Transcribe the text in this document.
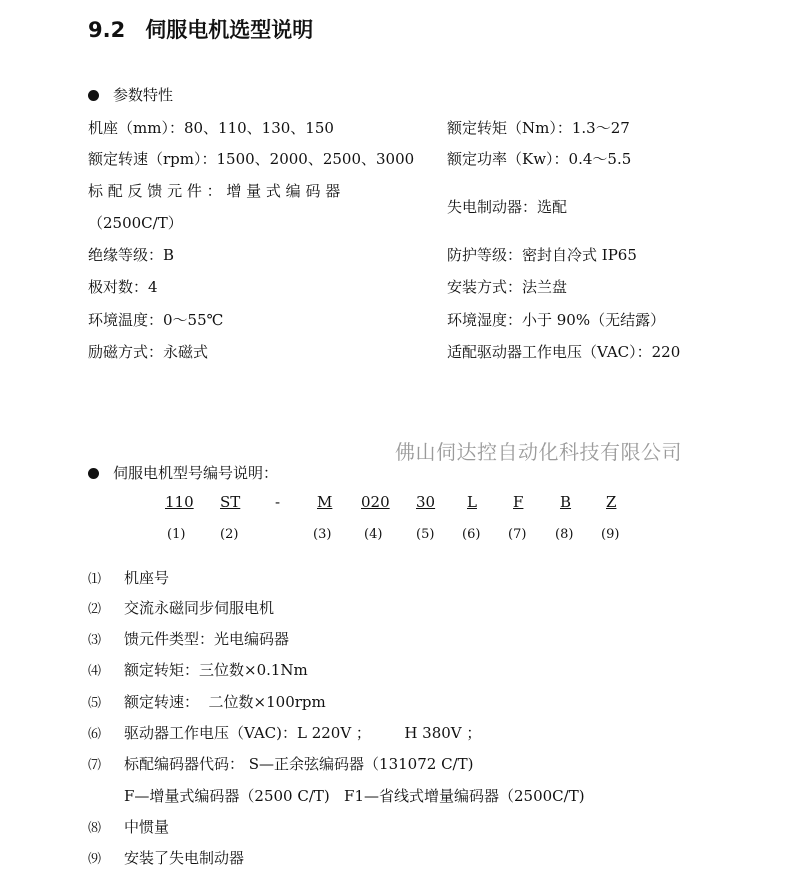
9.2 伺服电机选型说明
参数特性
机座（mm）：80、110、130、150	额定转矩（Nm）：1.3～27
额定转速（rpm）：1500、2000、2500、3000 额定功率（Kw）：0.4～5.5
标 配 反 馈 元 件 ： 增 量 式 编 码 器
（2500C/T）
失电制动器：选配
绝缘等级：B	防护等级：密封自冷式 IP65
极对数：4	安装方式：法兰盘
环境温度：0～55℃	环境湿度：小于 90%（无结露）
励磁方式：永磁式	适配驱动器工作电压（VAC）：220
佛山伺达控自动化科技有限公司
伺服电机型号编号说明：
110 ST - M 020 30 L F B Z
(1)	(2)	(3)	(4)	(5) (6) (7) (8) (9)
⑴ 机座号
⑵ 交流永磁同步伺服电机
⑶ 馈元件类型：光电编码器
⑷ 额定转矩：三位数×0.1Nm
⑸ 额定转速：  二位数×100rpm
⑹ 驱动器工作电压（VAC)：L 220V ；       H 380V ；
⑺ 标配编码器代码： S—正余弦编码器（131072 C/T)
F—增量式编码器（2500 C/T)   F1—省线式增量编码器（2500C/T)
⑻ 中惯量
⑼ 安装了失电制动器
